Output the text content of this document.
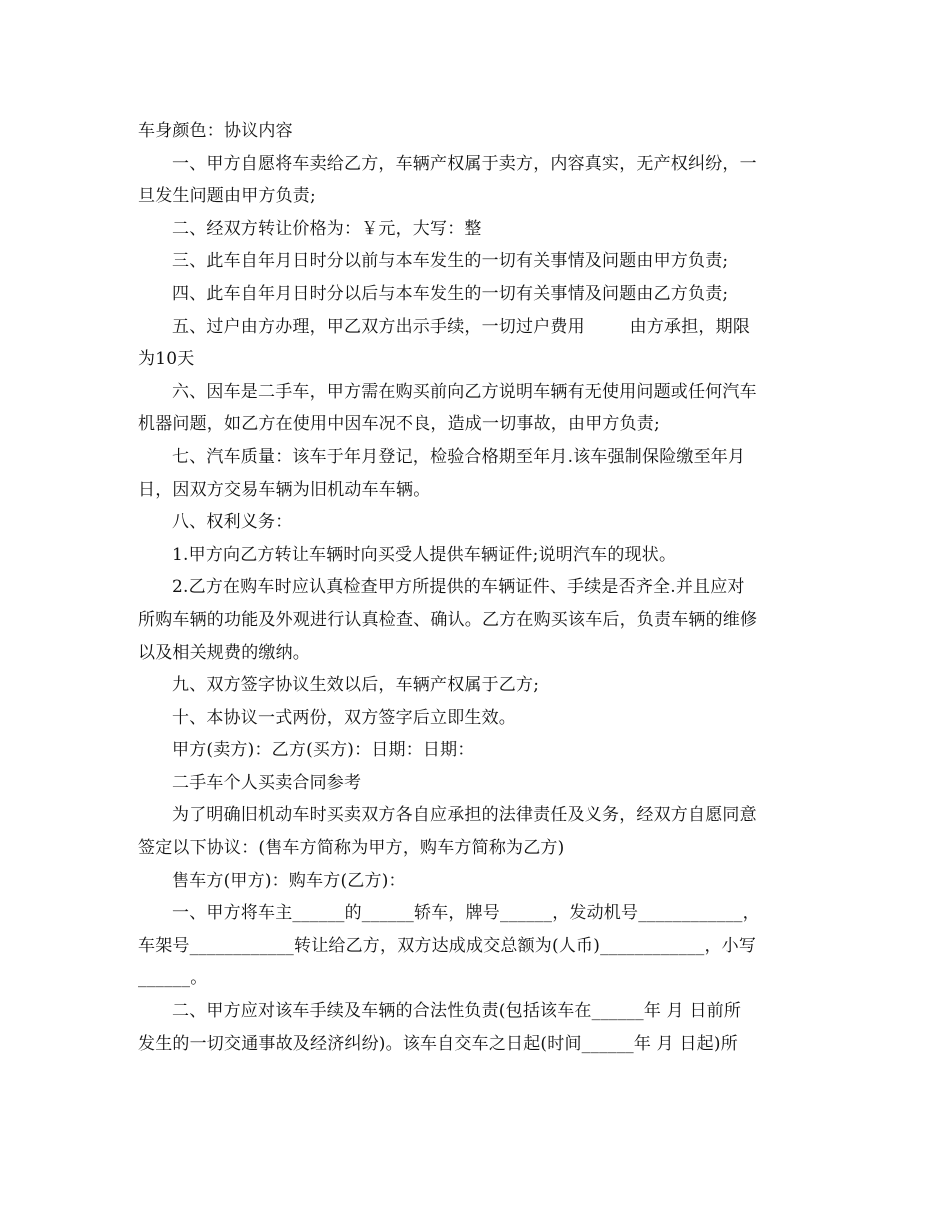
车身颜色：协议内容
一、甲方自愿将车卖给乙方，车辆产权属于卖方，内容真实，无产权纠纷，一
旦发生问题由甲方负责;
二、经双方转让价格为：￥元，大写：整
三、此车自年月日时分以前与本车发生的一切有关事情及问题由甲方负责;
四、此车自年月日时分以后与本车发生的一切有关事情及问题由乙方负责;
五、过户由方办理，甲乙双方出示手续，一切过户费用        由方承担，期限
为10天
六、因车是二手车，甲方需在购买前向乙方说明车辆有无使用问题或任何汽车
机器问题，如乙方在使用中因车况不良，造成一切事故，由甲方负责;
七、汽车质量：该车于年月登记，检验合格期至年月.该车强制保险缴至年月
日，因双方交易车辆为旧机动车车辆。
八、权利义务：
1.甲方向乙方转让车辆时向买受人提供车辆证件;说明汽车的现状。
2.乙方在购车时应认真检查甲方所提供的车辆证件、手续是否齐全.并且应对
所购车辆的功能及外观进行认真检查、确认。乙方在购买该车后，负责车辆的维修
以及相关规费的缴纳。
九、双方签字协议生效以后，车辆产权属于乙方;
十、本协议一式两份，双方签字后立即生效。
甲方(卖方)：乙方(买方)：日期：日期：
二手车个人买卖合同参考
为了明确旧机动车时买卖双方各自应承担的法律责任及义务，经双方自愿同意
签定以下协议：(售车方简称为甲方，购车方简称为乙方)
售车方(甲方)：购车方(乙方)：
一、甲方将车主______的______轿车，牌号______，发动机号____________，
车架号____________转让给乙方，双方达成成交总额为(人币)____________，小写
______。
二、甲方应对该车手续及车辆的合法性负责(包括该车在______年 月 日前所
发生的一切交通事故及经济纠纷)。该车自交车之日起(时间______年 月 日起)所
